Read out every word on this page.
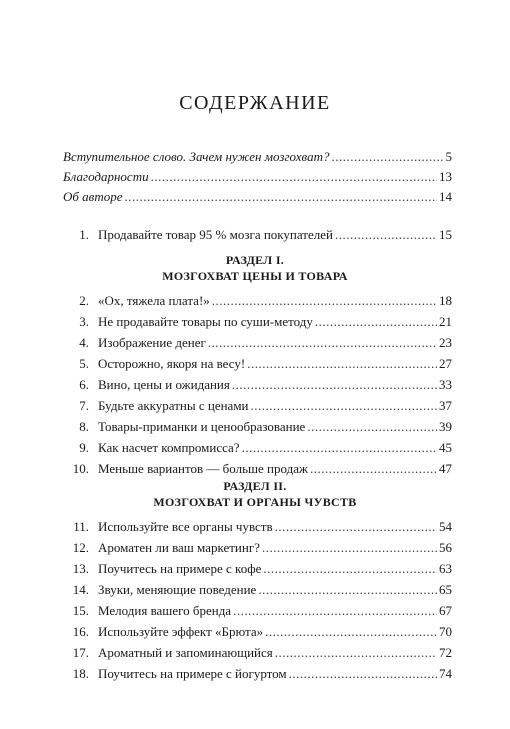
СОДЕРЖАНИЕ
Вступительное слово. Зачем нужен мозгохват? .....	5
Благодарности .....	13
Об авторе .....	14
1. Продавайте товар 95 % мозга покупателей .....	15
РАЗДЕЛ I.
МОЗГОХВАТ ЦЕНЫ И ТОВАРА
2. «Ох, тяжела плата!» .....	18
3. Не продавайте товары по суши-методу .....	21
4. Изображение денег .....	23
5. Осторожно, якоря на весу! .....	27
6. Вино, цены и ожидания .....	33
7. Будьте аккуратны с ценами .....	37
8. Товары-приманки и ценообразование .....	39
9. Как насчет компромисса? .....	45
10. Меньше вариантов — больше продаж .....	47
РАЗДЕЛ II.
МОЗГОХВАТ И ОРГАНЫ ЧУВСТВ
11. Используйте все органы чувств .....	54
12. Ароматен ли ваш маркетинг? .....	56
13. Поучитесь на примере с кофе .....	63
14. Звуки, меняющие поведение .....	65
15. Мелодия вашего бренда .....	67
16. Используйте эффект «Брюта» .....	70
17. Ароматный и запоминающийся .....	72
18. Поучитесь на примере с йогуртом .....	74
